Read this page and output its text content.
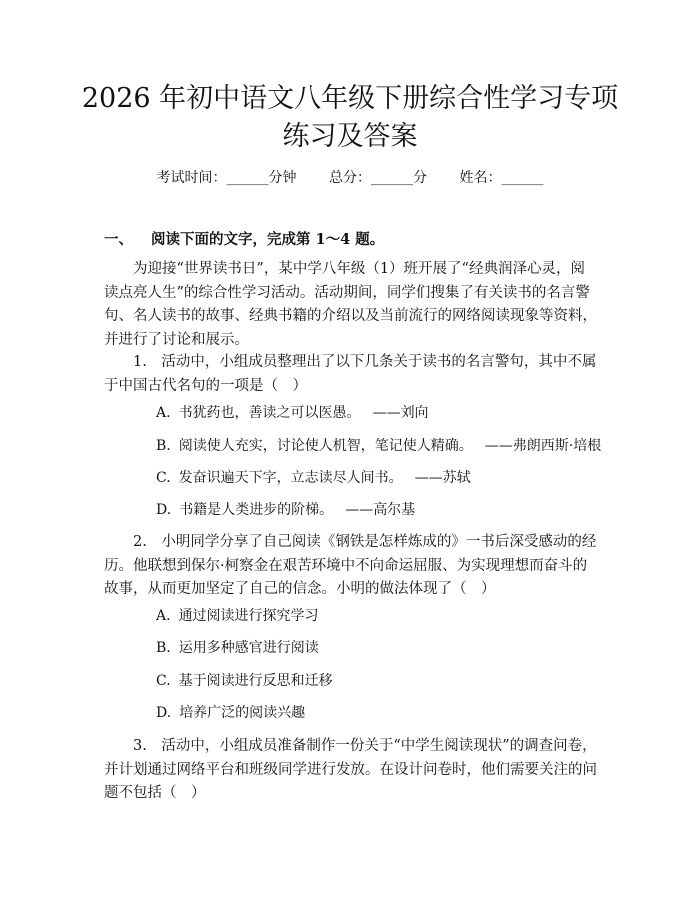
2026 年初中语文八年级下册综合性学习专项
练习及答案
考试时间：______分钟 总分：______分 姓名：______
一、 阅读下面的文字，完成第 1～4 题。

为迎接“世界读书日”，某中学八年级（1）班开展了“经典润泽心灵，阅读点亮人生”的综合性学习活动。活动期间，同学们搜集了有关读书的名言警句、名人读书的故事、经典书籍的介绍以及当前流行的网络阅读现象等资料，并进行了讨论和展示。

1.　活动中，小组成员整理出了以下几条关于读书的名言警句，其中不属于中国古代名句的一项是（　）

A. 书犹药也，善读之可以医愚。 ——刘向
B. 阅读使人充实，讨论使人机智，笔记使人精确。 ——弗朗西斯·培根
C. 发奋识遍天下字，立志读尽人间书。 ——苏轼
D. 书籍是人类进步的阶梯。 ——高尔基

2.　小明同学分享了自己阅读《钢铁是怎样炼成的》一书后深受感动的经历。他联想到保尔·柯察金在艰苦环境中不向命运屈服、为实现理想而奋斗的故事，从而更加坚定了自己的信念。小明的做法体现了（　）

A. 通过阅读进行探究学习
B. 运用多种感官进行阅读
C. 基于阅读进行反思和迁移
D. 培养广泛的阅读兴趣

3.　活动中，小组成员准备制作一份关于“中学生阅读现状”的调查问卷，并计划通过网络平台和班级同学进行发放。在设计问卷时，他们需要关注的问题不包括（　）
